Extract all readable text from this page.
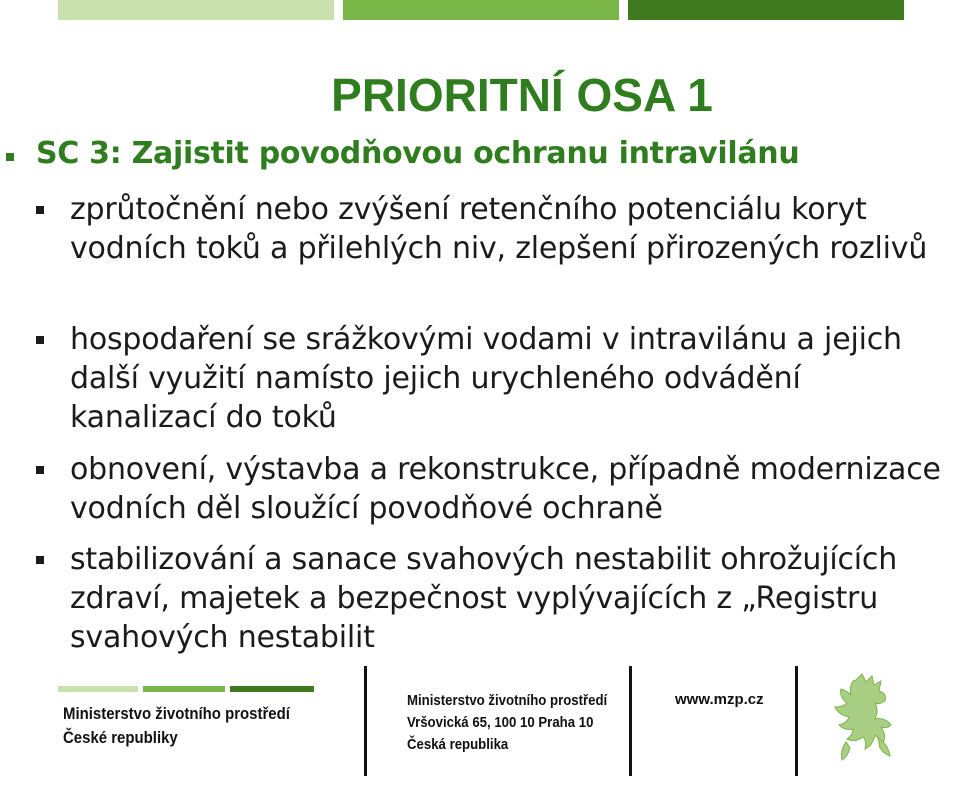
PRIORITNÍ OSA 1
SC 3: Zajistit povodňovou ochranu intravilánu
zprůtočnění nebo zvýšení retenčního potenciálu koryt vodních toků a přilehlých niv, zlepšení přirozených rozlivů
hospodaření se srážkovými vodami v intravilánu a jejich další využití namísto jejich urychleného odvádění kanalizací do toků
obnovení, výstavba a rekonstrukce, případně modernizace vodních děl sloužící povodňové ochraně
stabilizování a sanace svahových nestabilit ohrožujících zdraví, majetek a bezpečnost vyplývajících z „Registru svahových nestabilit
Ministerstvo životního prostředí
České republiky
Ministerstvo životního prostředí
Vršovická 65, 100 10 Praha 10
Česká republika
www.mzp.cz
